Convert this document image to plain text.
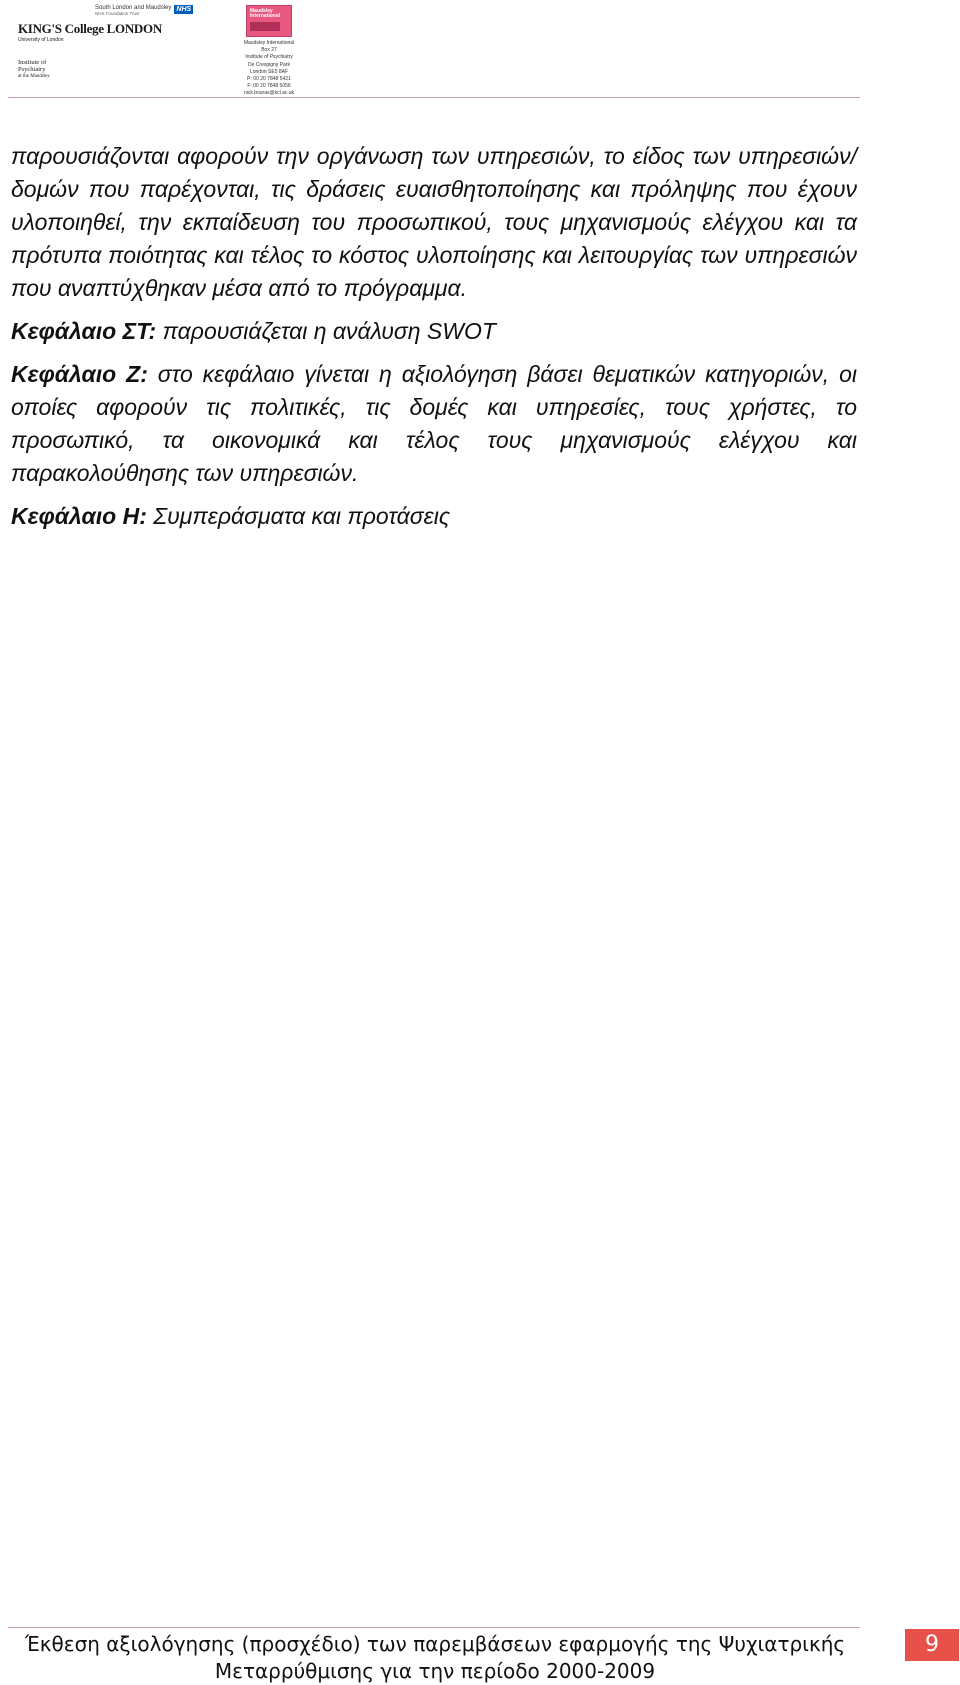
KING'S College LONDON
University of London
Institute of Psychiatry
at the Maudsley
South London and Maudsley
NHS Foundation Trust
NHS	Maudsley International
Maudsley International
Box 27
Institute of Psychiatry
De Crespigny Park
London SE5 8AF
P: 00 20 7848 5421
F: 00 20 7848 5056
nick.bouras@kcl.ac.uk

παρουσιάζονται αφορούν την οργάνωση των υπηρεσιών, το είδος των υπηρεσιών/δομών που παρέχονται, τις δράσεις ευαισθητοποίησης και πρόληψης που έχουν υλοποιηθεί, την εκπαίδευση του προσωπικού, τους μηχανισμούς ελέγχου και τα πρότυπα ποιότητας και τέλος το κόστος υλοποίησης και λειτουργίας των υπηρεσιών που αναπτύχθηκαν μέσα από το πρόγραμμα.

Κεφάλαιο ΣΤ: παρουσιάζεται η ανάλυση SWOT

Κεφάλαιο Ζ: στο κεφάλαιο γίνεται η αξιολόγηση βάσει θεματικών κατηγοριών, οι οποίες αφορούν τις πολιτικές, τις δομές και υπηρεσίες, τους χρήστες, το προσωπικό, τα οικονομικά και τέλος τους μηχανισμούς ελέγχου και παρακολούθησης των υπηρεσιών.

Κεφάλαιο Η: Συμπεράσματα και προτάσεις

Έκθεση αξιολόγησης (προσχέδιο) των παρεμβάσεων εφαρμογής της Ψυχιατρικής
Μεταρρύθμισης για την περίοδο 2000-2009
9
